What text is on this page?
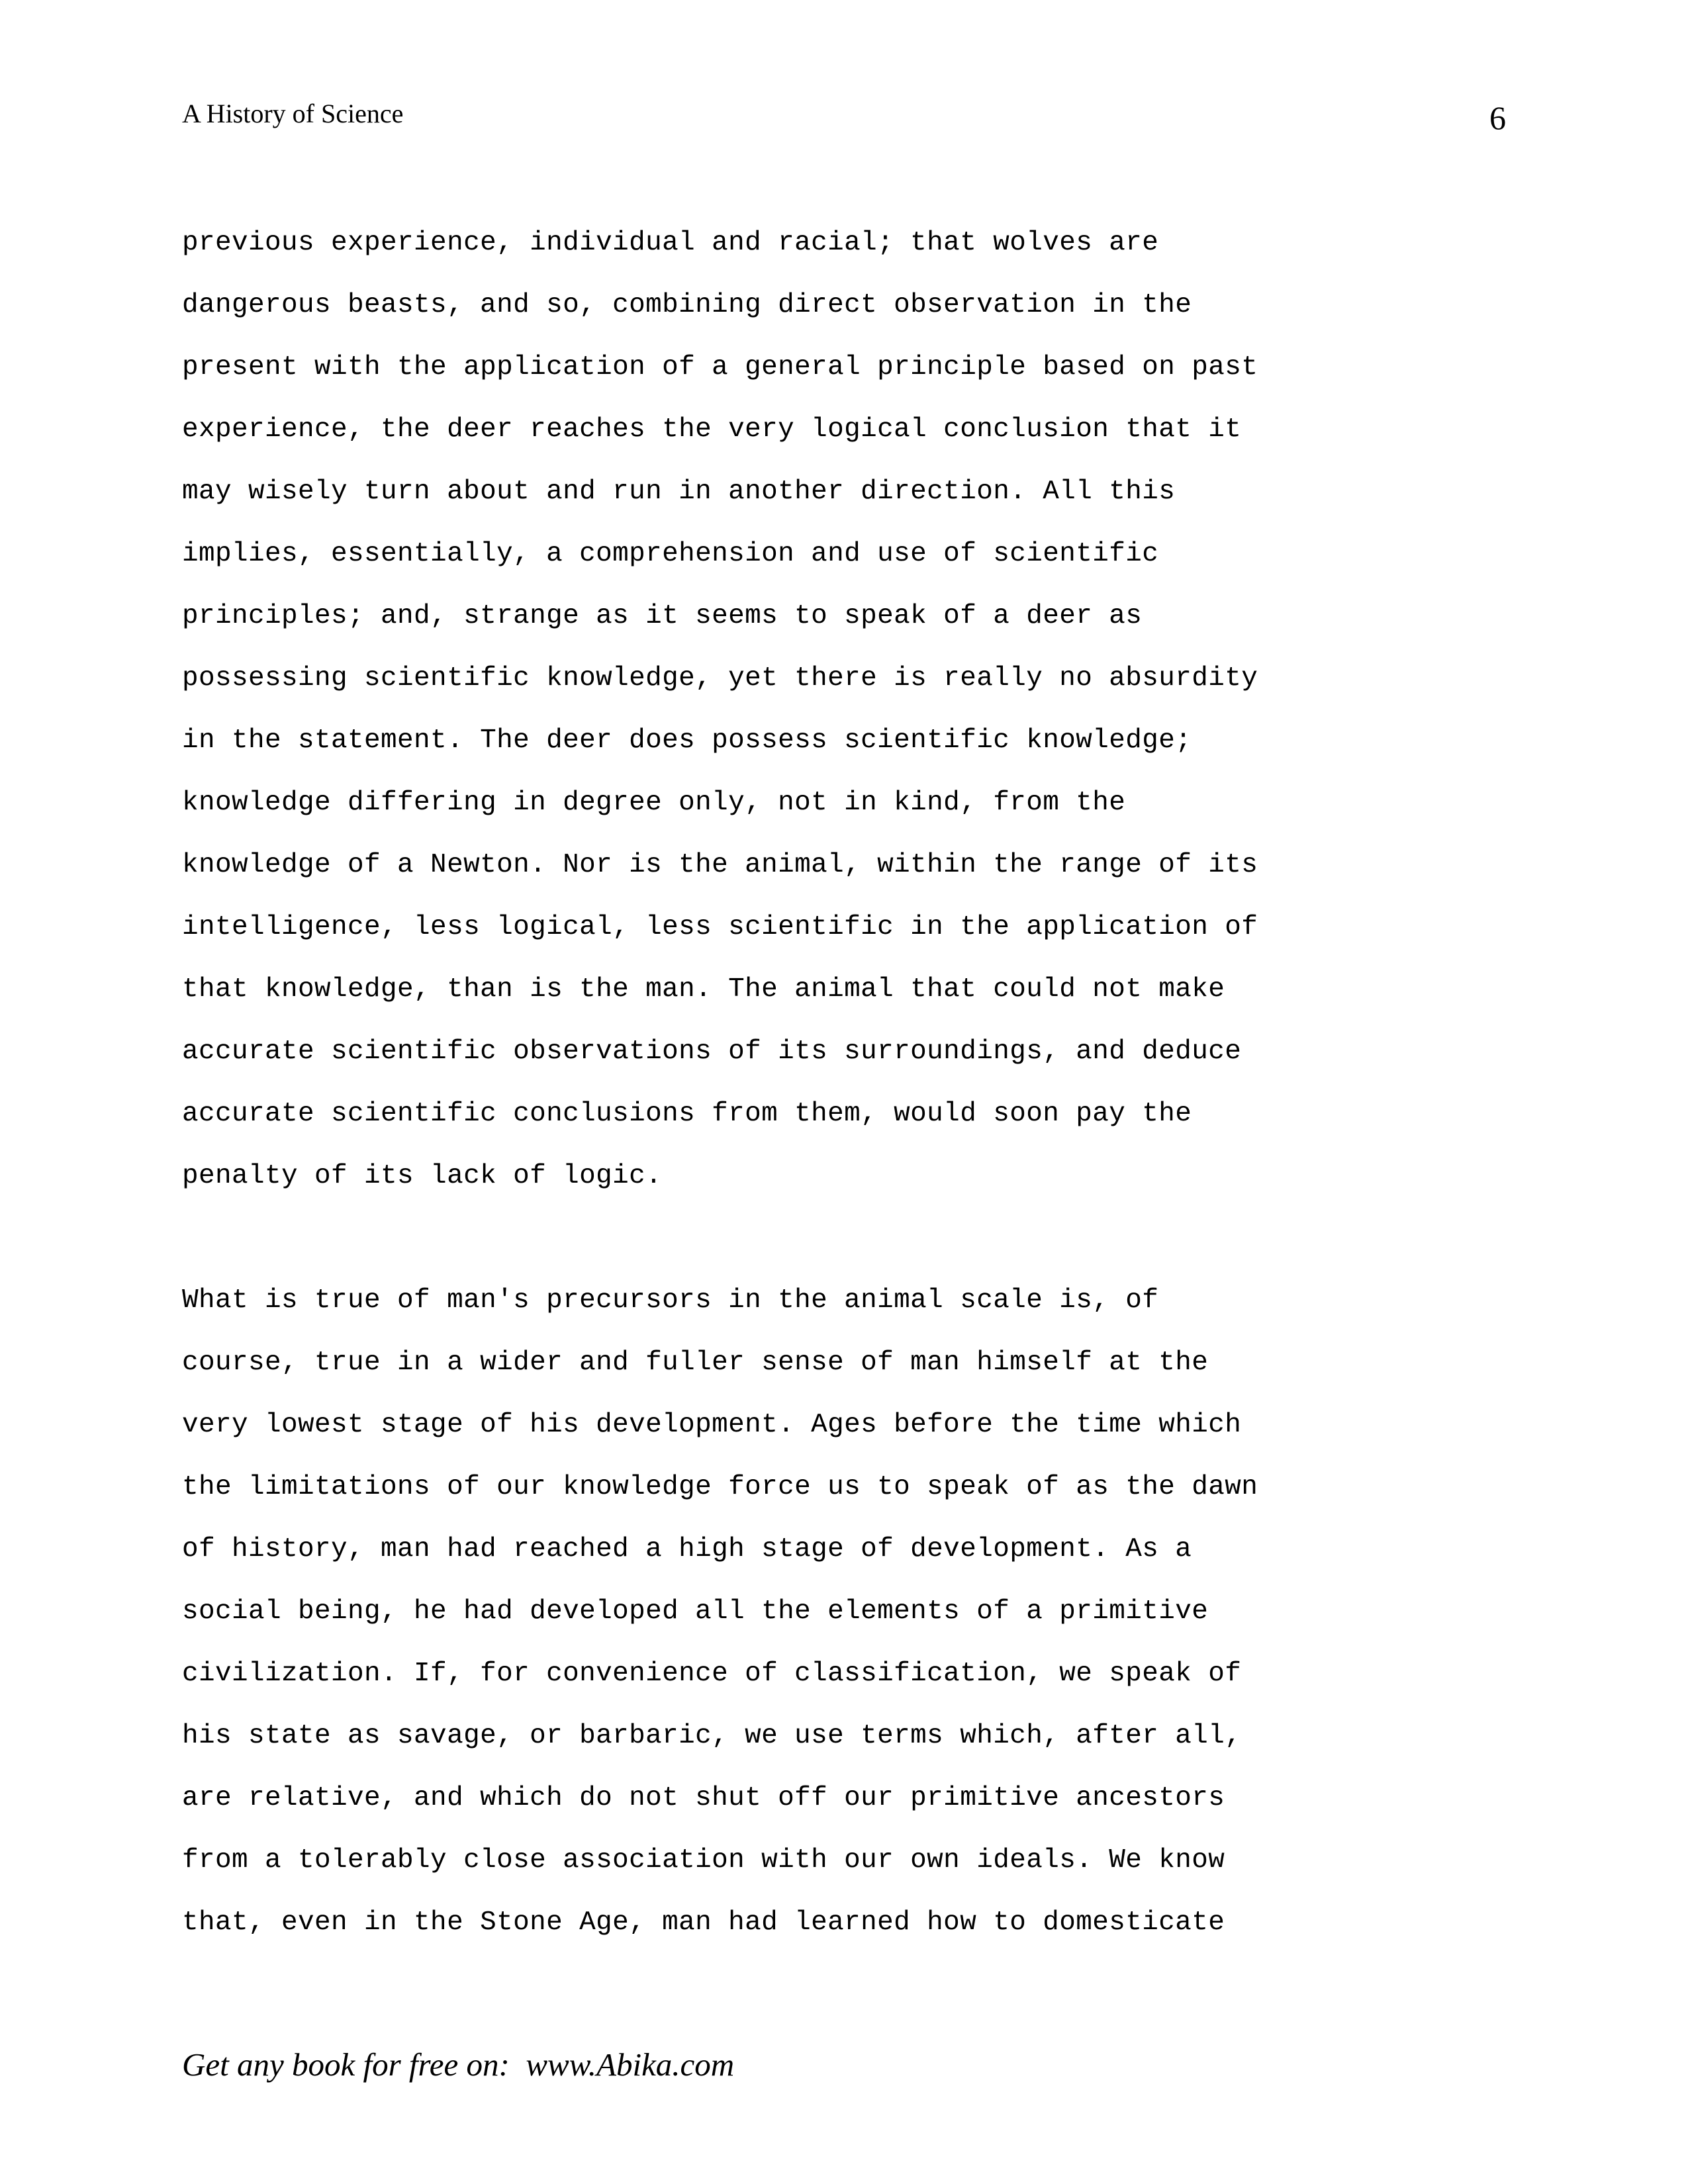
A History of Science	6

previous experience, individual and racial; that wolves are

dangerous beasts, and so, combining direct observation in the

present with the application of a general principle based on past

experience, the deer reaches the very logical conclusion that it

may wisely turn about and run in another direction. All this

implies, essentially, a comprehension and use of scientific

principles; and, strange as it seems to speak of a deer as

possessing scientific knowledge, yet there is really no absurdity

in the statement. The deer does possess scientific knowledge;

knowledge differing in degree only, not in kind, from the

knowledge of a Newton. Nor is the animal, within the range of its

intelligence, less logical, less scientific in the application of

that knowledge, than is the man. The animal that could not make

accurate scientific observations of its surroundings, and deduce

accurate scientific conclusions from them, would soon pay the

penalty of its lack of logic.

What is true of man's precursors in the animal scale is, of

course, true in a wider and fuller sense of man himself at the

very lowest stage of his development. Ages before the time which

the limitations of our knowledge force us to speak of as the dawn

of history, man had reached a high stage of development. As a

social being, he had developed all the elements of a primitive

civilization. If, for convenience of classification, we speak of

his state as savage, or barbaric, we use terms which, after all,

are relative, and which do not shut off our primitive ancestors

from a tolerably close association with our own ideals. We know

that, even in the Stone Age, man had learned how to domesticate

Get any book for free on:  www.Abika.com
